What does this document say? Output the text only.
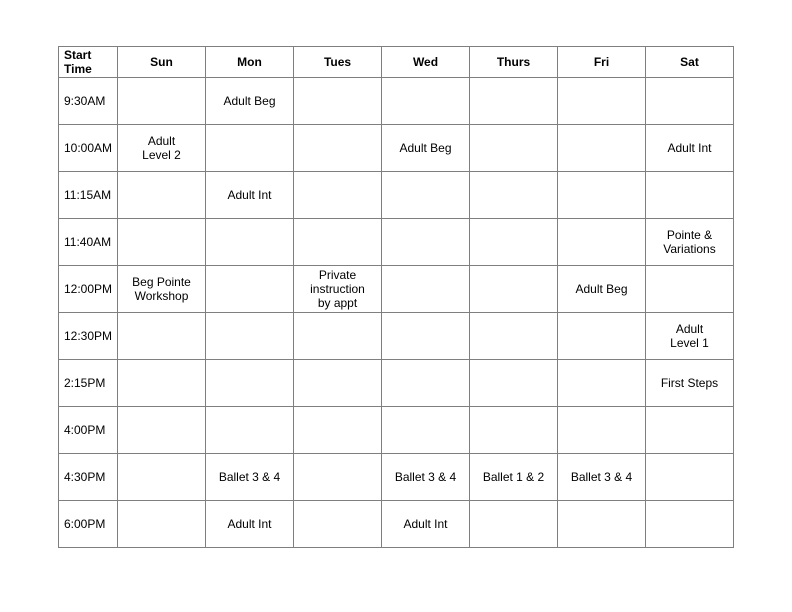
Start
Time	Sun	Mon	Tues	Wed	Thurs	Fri	Sat

9:30AM		Adult Beg					

10:00AM	Adult
Level 2			Adult Beg			Adult Int

11:15AM		Adult Int					

11:40AM							Pointe &
Variations

12:00PM	Beg Pointe
Workshop		Private
instruction
by appt			Adult Beg	

12:30PM							Adult
Level 1

2:15PM							First Steps

4:00PM	

4:30PM		Ballet 3 & 4		Ballet 3 & 4	Ballet 1 & 2	Ballet 3 & 4	

6:00PM		Adult Int		Adult Int			
